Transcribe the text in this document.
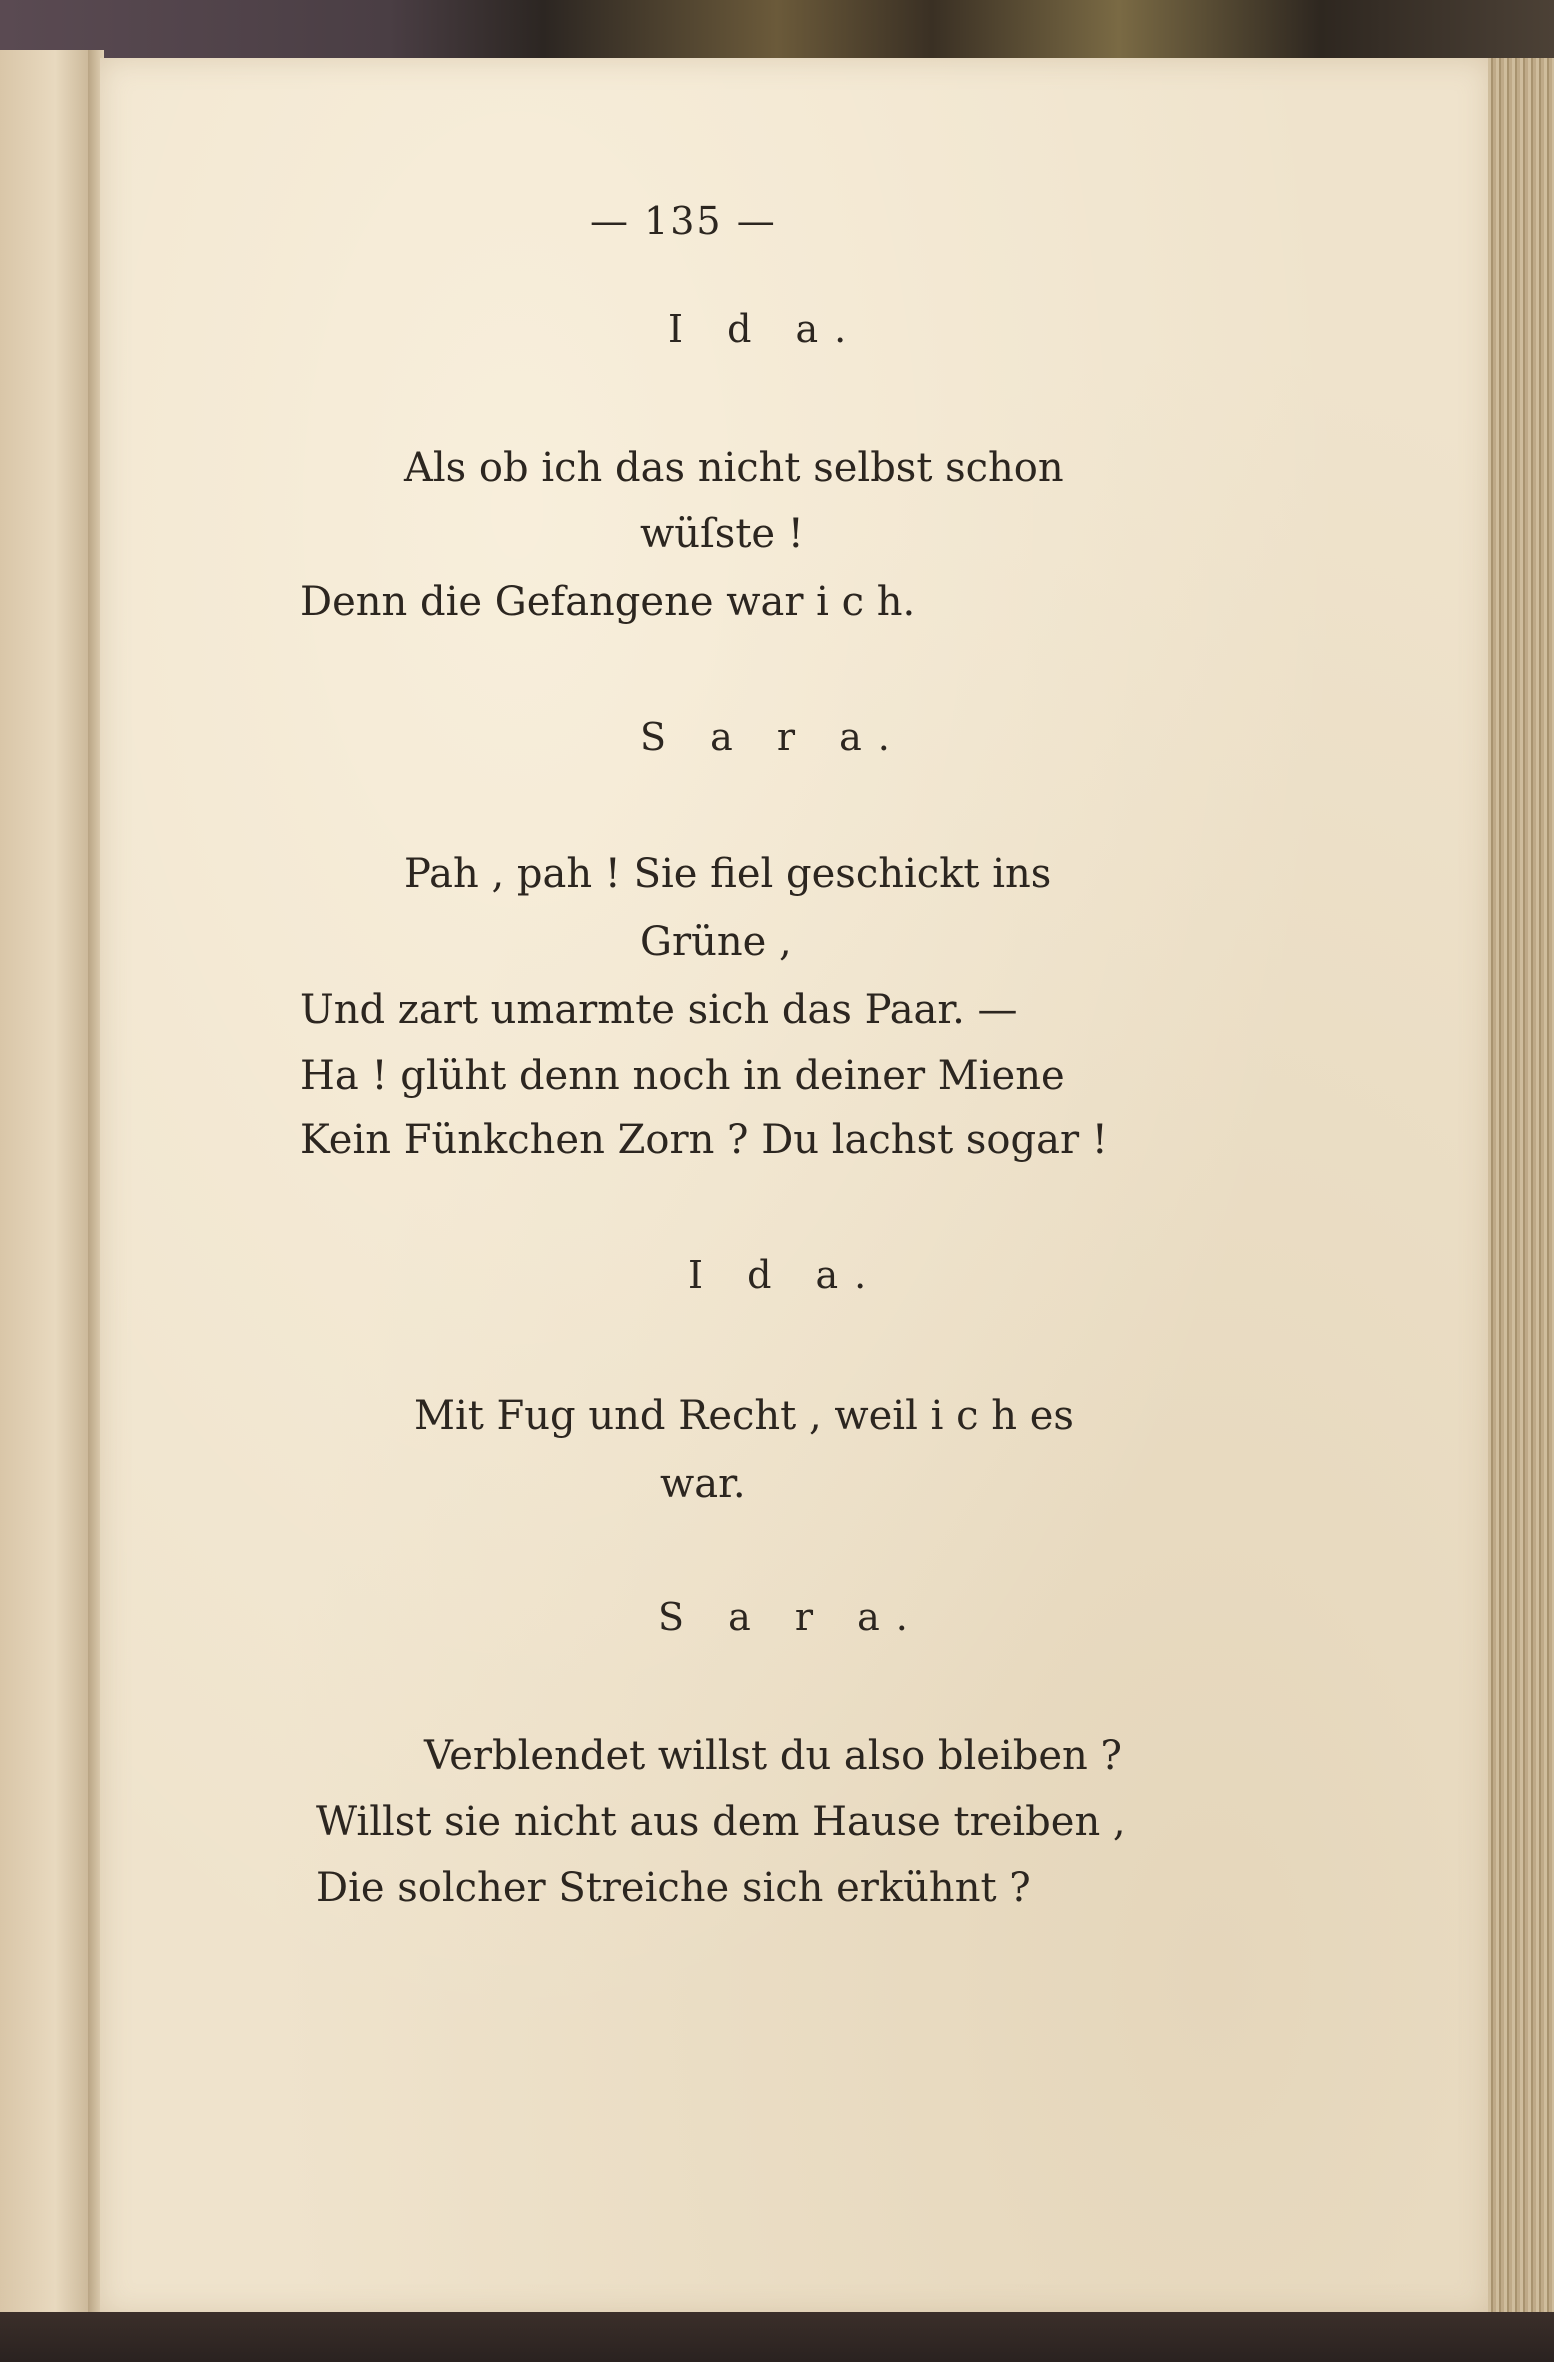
— 135 —
I d a.
Als ob ich das nicht selbst schon
wüſste !
Denn die Gefangene war i c h.
S a r a.
Pah , pah ! Sie fiel geschickt ins
Grüne ,
Und zart umarmte sich das Paar. —
Ha ! glüht denn noch in deiner Miene
Kein Fünkchen Zorn ? Du lachst sogar !
I d a.
Mit Fug und Recht , weil i c h es
war.
S a r a.
Verblendet willst du also bleiben ?
Willst sie nicht aus dem Hause treiben ,
Die solcher Streiche sich erkühnt ?
